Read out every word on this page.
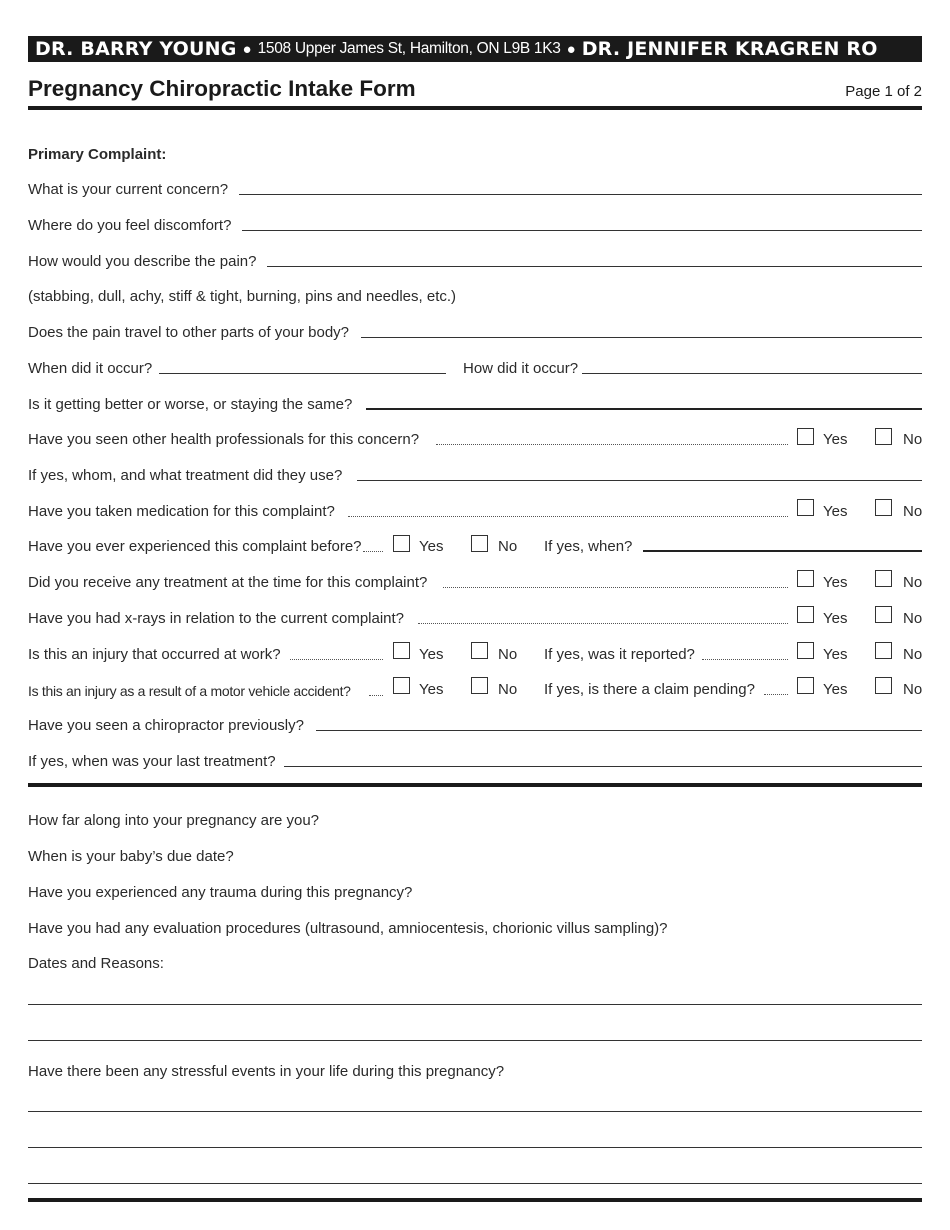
DR. BARRY YOUNG ● 1508 Upper James St, Hamilton, ON L9B 1K3 ● DR. JENNIFER KRAGREN RO
Pregnancy Chiropractic Intake Form	Page 1 of 2
Primary Complaint:
What is your current concern?
Where do you feel discomfort?
How would you describe the pain?
(stabbing, dull, achy, stiff & tight, burning, pins and needles, etc.)
Does the pain travel to other parts of your body?
When did it occur?	How did it occur?
Is it getting better or worse, or staying the same?
Have you seen other health professionals for this concern?	Yes	No
If yes, whom, and what treatment did they use?
Have you taken medication for this complaint?	Yes	No
Have you ever experienced this complaint before?	Yes	No If yes, when?
Did you receive any treatment at the time for this complaint?	Yes	No
Have you had x-rays in relation to the current complaint?	Yes	No
Is this an injury that occurred at work?	Yes	No If yes, was it reported?	Yes	No
Is this an injury as a result of a motor vehicle accident?	Yes	No If yes, is there a claim pending?	Yes	No
Have you seen a chiropractor previously?
If yes, when was your last treatment?
How far along into your pregnancy are you?
When is your baby’s due date?
Have you experienced any trauma during this pregnancy?
Have you had any evaluation procedures (ultrasound, amniocentesis, chorionic villus sampling)?
Dates and Reasons:
Have there been any stressful events in your life during this pregnancy?
